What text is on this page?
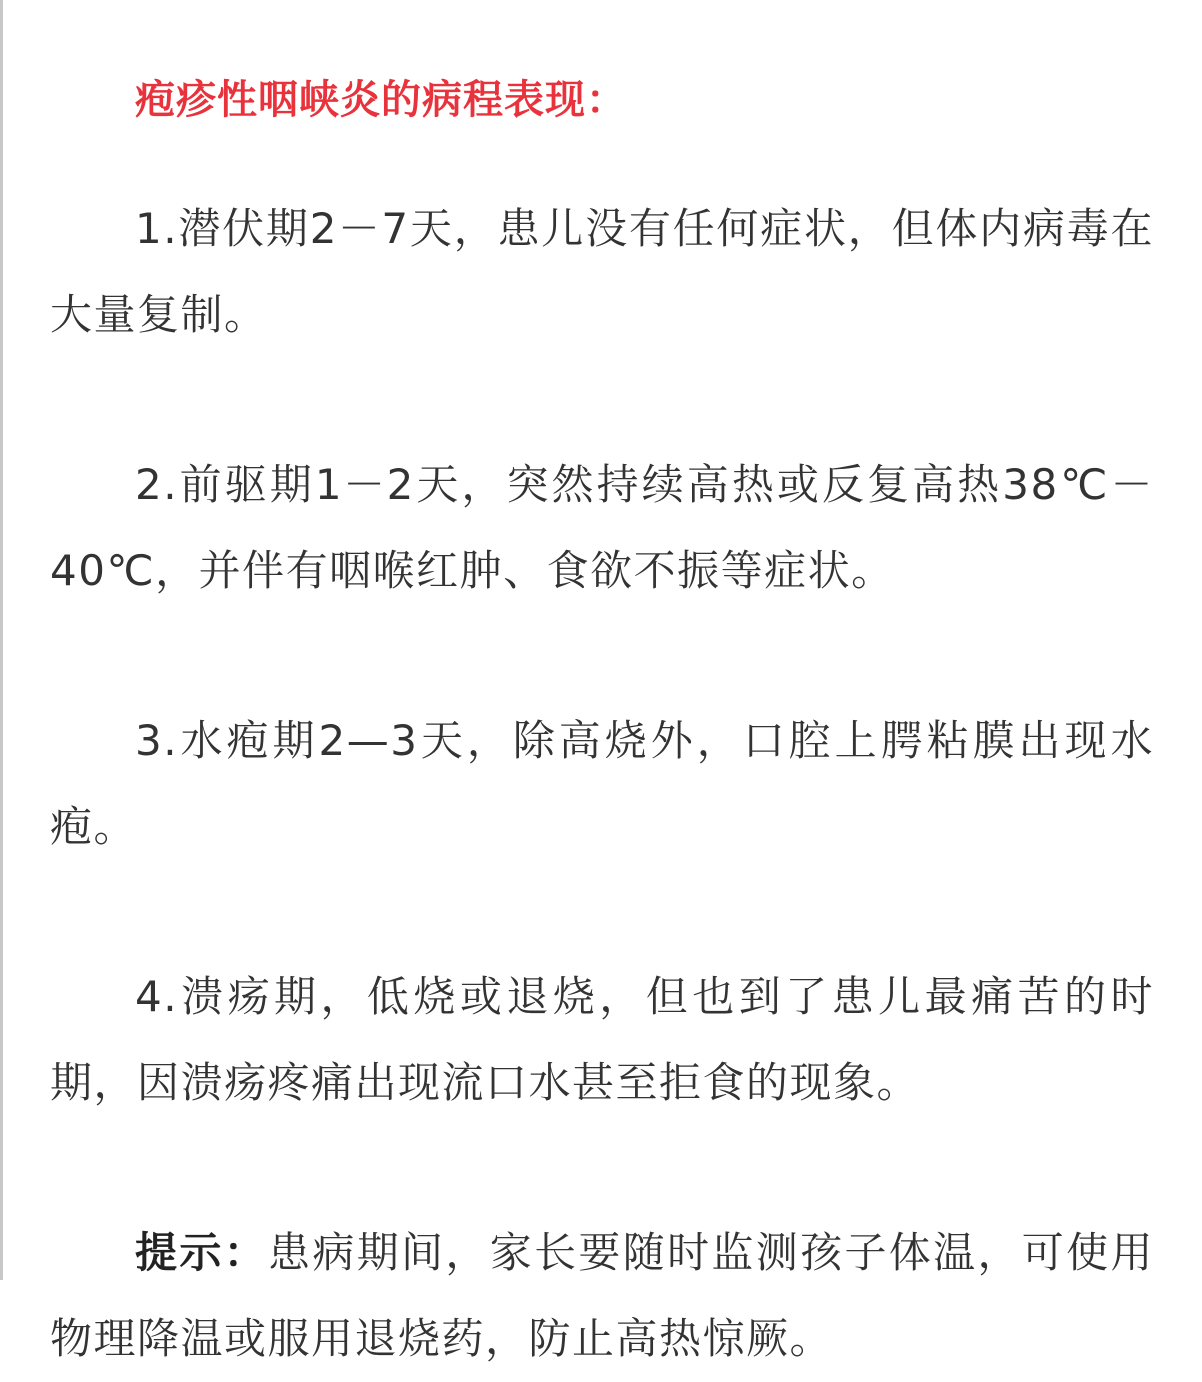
疱疹性咽峡炎的病程表现：

1.潜伏期2－7天，患儿没有任何症状，但体内病毒在大量复制。

2.前驱期1－2天，突然持续高热或反复高热38℃－40℃，并伴有咽喉红肿、食欲不振等症状。

3.水疱期2—3天，除高烧外，口腔上腭粘膜出现水疱。

4.溃疡期，低烧或退烧，但也到了患儿最痛苦的时期，因溃疡疼痛出现流口水甚至拒食的现象。

提示：患病期间，家长要随时监测孩子体温，可使用物理降温或服用退烧药，防止高热惊厥。
